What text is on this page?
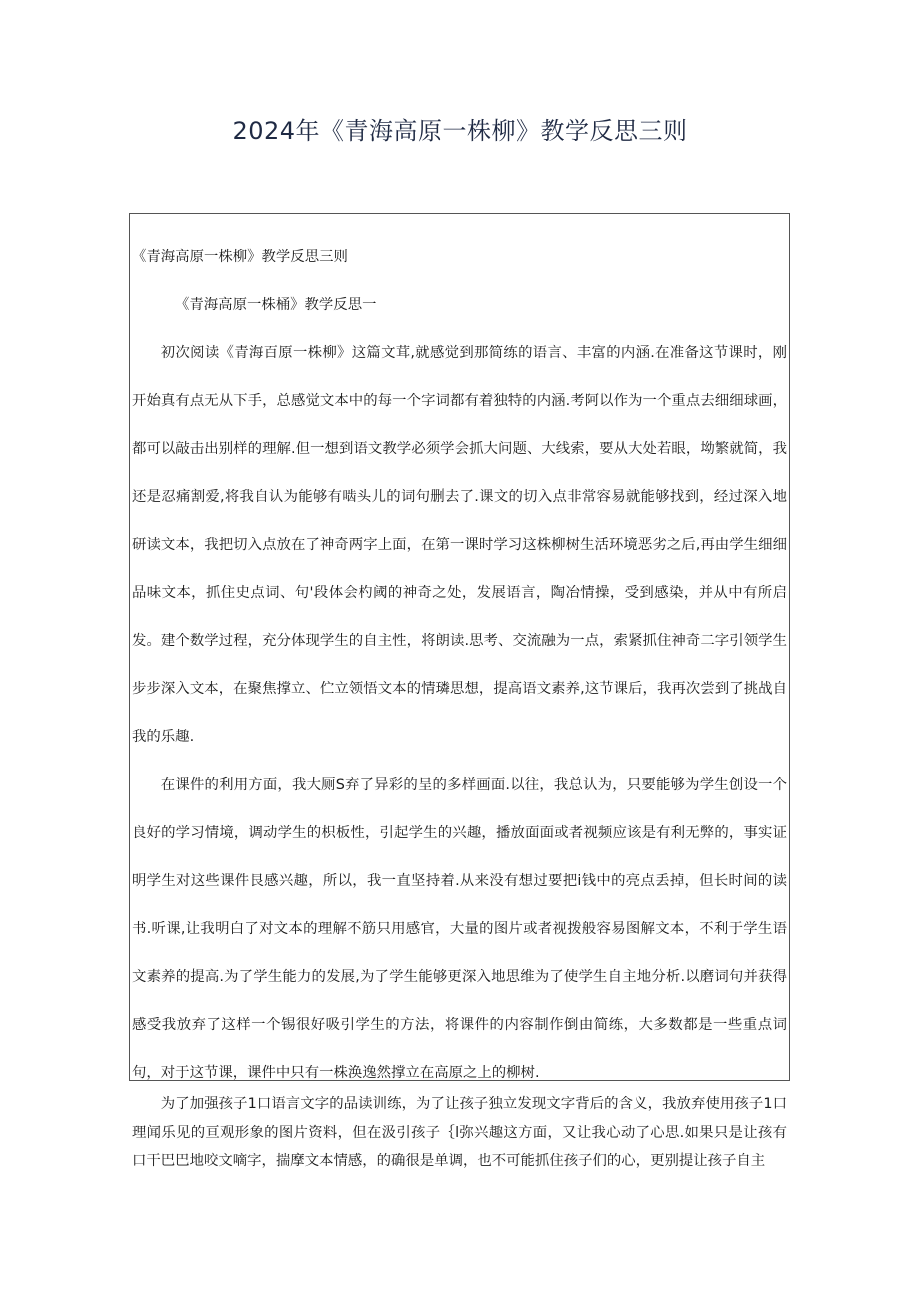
2024年《青海高原一株柳》教学反思三则

《青海高原一株柳》教学反思三则

《青海高原一株桶》教学反思一

初次阅读《青海百原一株柳》这篇文茸,就感觉到那简练的语言、丰富的内涵.在准备这节课时，刚开始真有点无从下手，总感觉文本中的每一个字词都有着独特的内涵.考阿以作为一个重点去细细球画，都可以敲击出别样的理解.但一想到语文教学必须学会抓大问题、大线索，要从大处若眼，坳繁就简，我还是忍痛割爱,将我自认为能够有啮头儿的词句删去了.课文的切入点非常容易就能够找到，经过深入地研读文本，我把切入点放在了神奇两字上面，在第一课时学习这株柳树生活环境恶劣之后,再由学生细细品味文本，抓住史点词、句'段体会杓阈的神奇之处，发展语言，陶冶情操，受到感染，并从中有所启发。建个数学过程，充分体现学生的自主性，将朗读.思考、交流融为一点，索紧抓住神奇二字引领学生步步深入文本，在聚焦撑立、伫立领悟文本的情璘思想，提高语文素养,这节课后，我再次尝到了挑战自我的乐趣.

在课件的利用方面，我大厕S弃了异彩的呈的多样画面.以往，我总认为，只要能够为学生创设一个良好的学习情境，调动学生的枳板性，引起学生的兴趣，播放面面或者视频应该是有利无弊的，事实证明学生对这些课件艮感兴趣，所以，我一直坚持着.从来没有想过要把i钱中的亮点丢掉，但长时间的读书.听课,让我明白了对文本的理解不筋只用感官，大量的图片或者视拨般容易图解文本，不利于学生语文素养的提高.为了学生能力的发展,为了学生能够更深入地思维为了使学生自主地分析.以磨词句并获得感受我放弃了这样一个锡很好吸引学生的方法，将课件的内容制作倒由简练，大多数都是一些重点词句，对于这节课，课件中只有一株涣逸然撑立在高原之上的柳树.

为了加强孩子1口语言文字的品读训练，为了让孩子独立发现文字背后的含义，我放弃使用孩子1口理闻乐见的亘观形象的图片资料，但在汲引孩子｛l弥兴趣这方面，又让我心动了心思.如果只是让孩有口干巴巴地咬文嘀字，揣摩文本情感，的确很是单调，也不可能抓住孩子们的心，更别提让孩子自主
